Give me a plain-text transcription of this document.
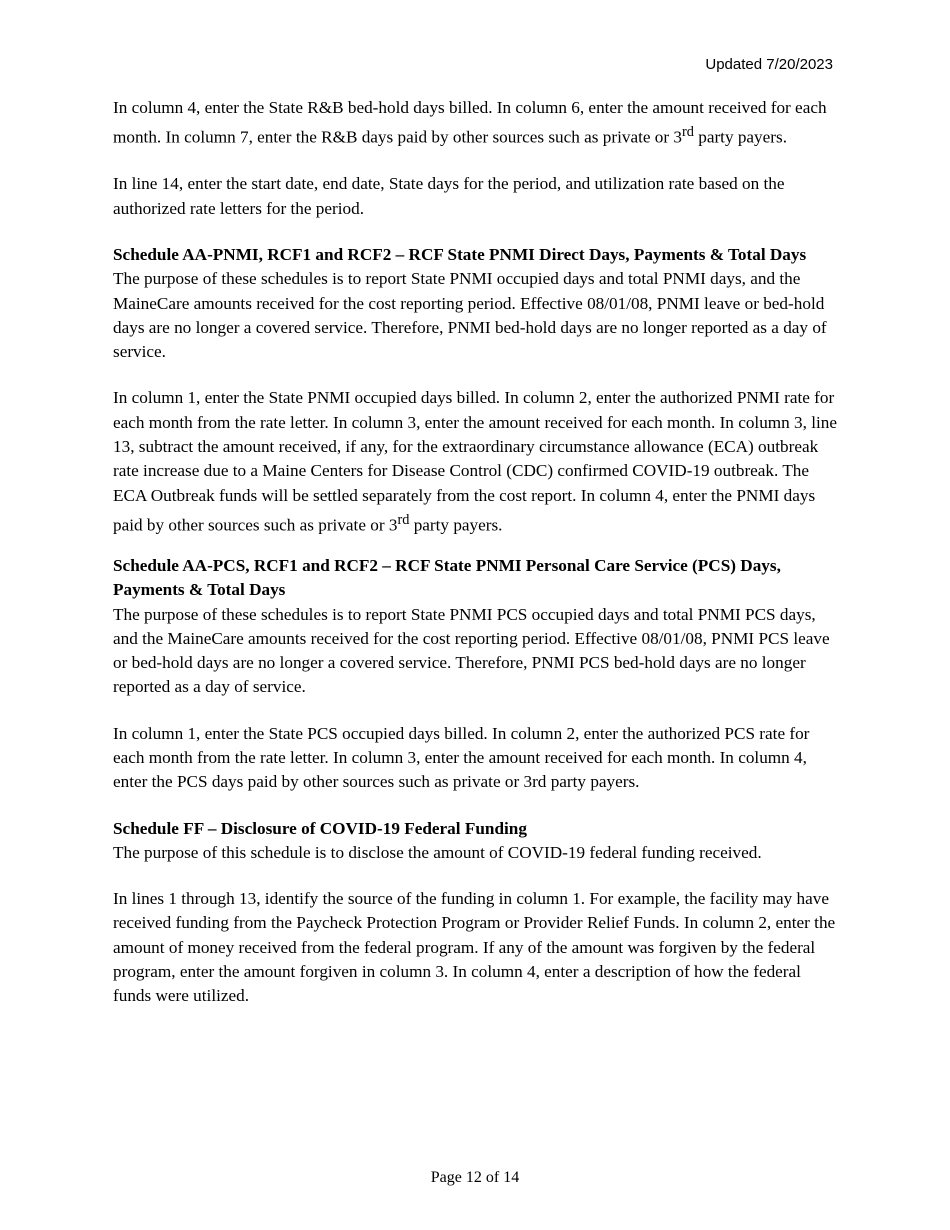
Updated 7/20/2023

In column 4, enter the State R&B bed-hold days billed. In column 6, enter the amount received for each month. In column 7, enter the R&B days paid by other sources such as private or 3rd party payers.

In line 14, enter the start date, end date, State days for the period, and utilization rate based on the authorized rate letters for the period.

Schedule AA-PNMI, RCF1 and RCF2 – RCF State PNMI Direct Days, Payments & Total Days

The purpose of these schedules is to report State PNMI occupied days and total PNMI days, and the MaineCare amounts received for the cost reporting period. Effective 08/01/08, PNMI leave or bed-hold days are no longer a covered service. Therefore, PNMI bed-hold days are no longer reported as a day of service.

In column 1, enter the State PNMI occupied days billed. In column 2, enter the authorized PNMI rate for each month from the rate letter. In column 3, enter the amount received for each month. In column 3, line 13, subtract the amount received, if any, for the extraordinary circumstance allowance (ECA) outbreak rate increase due to a Maine Centers for Disease Control (CDC) confirmed COVID-19 outbreak. The ECA Outbreak funds will be settled separately from the cost report. In column 4, enter the PNMI days paid by other sources such as private or 3rd party payers.

Schedule AA-PCS, RCF1 and RCF2 – RCF State PNMI Personal Care Service (PCS) Days, Payments & Total Days

The purpose of these schedules is to report State PNMI PCS occupied days and total PNMI PCS days, and the MaineCare amounts received for the cost reporting period. Effective 08/01/08, PNMI PCS leave or bed-hold days are no longer a covered service. Therefore, PNMI PCS bed-hold days are no longer reported as a day of service.

In column 1, enter the State PCS occupied days billed. In column 2, enter the authorized PCS rate for each month from the rate letter. In column 3, enter the amount received for each month. In column 4, enter the PCS days paid by other sources such as private or 3rd party payers.

Schedule FF – Disclosure of COVID-19 Federal Funding

The purpose of this schedule is to disclose the amount of COVID-19 federal funding received.

In lines 1 through 13, identify the source of the funding in column 1. For example, the facility may have received funding from the Paycheck Protection Program or Provider Relief Funds. In column 2, enter the amount of money received from the federal program. If any of the amount was forgiven by the federal program, enter the amount forgiven in column 3. In column 4, enter a description of how the federal funds were utilized.

Page 12 of 14
